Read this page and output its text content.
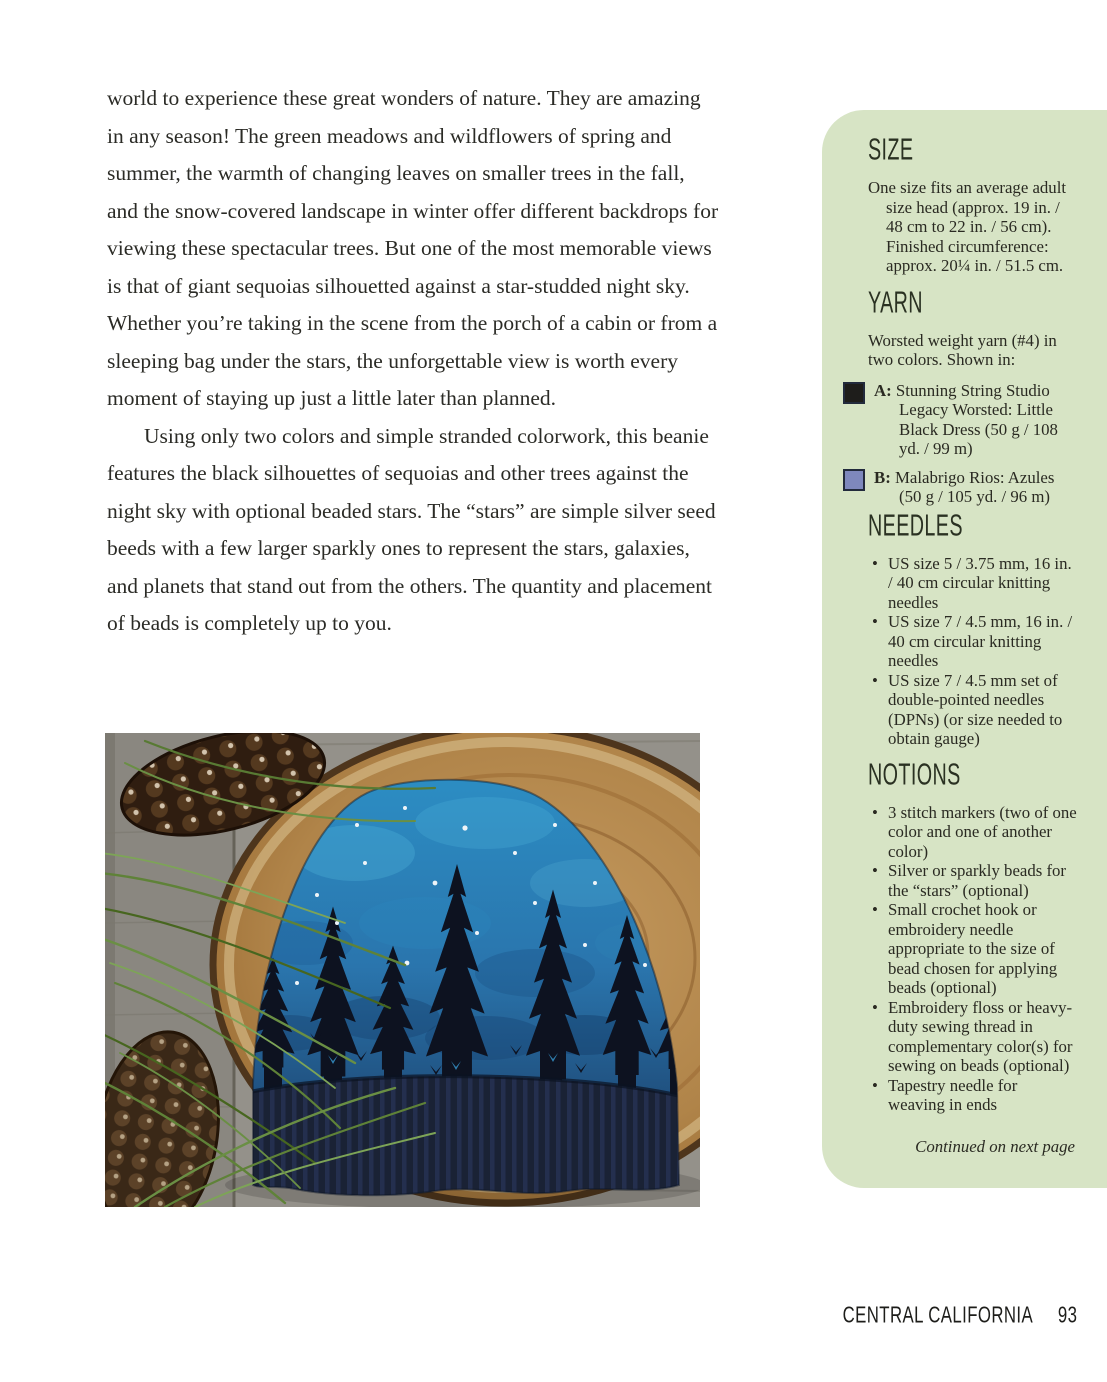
world to experience these great wonders of nature. They are amazing in any season! The green meadows and wildflowers of spring and summer, the warmth of changing leaves on smaller trees in the fall, and the snow-covered landscape in winter offer different backdrops for viewing these spectacular trees. But one of the most memorable views is that of giant sequoias silhouetted against a star-studded night sky. Whether you’re taking in the scene from the porch of a cabin or from a sleeping bag under the stars, the unforgettable view is worth every moment of staying up just a little later than planned.

Using only two colors and simple stranded colorwork, this beanie features the black silhouettes of sequoias and other trees against the night sky with optional beaded stars. The “stars” are simple silver seed beeds with a few larger sparkly ones to represent the stars, galaxies, and planets that stand out from the others. The quantity and placement of beads is completely up to you.

SIZE

One size fits an average adult size head (approx. 19 in. / 48 cm to 22 in. / 56 cm). Finished circumference: approx. 20¼ in. / 51.5 cm.

YARN

Worsted weight yarn (#4) in two colors. Shown in:

A: Stunning String Studio Legacy Worsted: Little Black Dress (50 g / 108 yd. / 99 m)
B: Malabrigo Rios: Azules (50 g / 105 yd. / 96 m)
NEEDLES
• US size 5 / 3.75 mm, 16 in. / 40 cm circular knitting needles
• US size 7 / 4.5 mm, 16 in. / 40 cm circular knitting needles
• US size 7 / 4.5 mm set of double-pointed needles (DPNs) (or size needed to obtain gauge)
NOTIONS
• 3 stitch markers (two of one color and one of another color)
• Silver or sparkly beads for the “stars” (optional)
• Small crochet hook or embroidery needle appropriate to the size of bead chosen for applying beads (optional)
• Embroidery floss or heavy-duty sewing thread in complementary color(s) for sewing on beads (optional)
• Tapestry needle for weaving in ends
Continued on next page
CENTRAL CALIFORNIA 93
